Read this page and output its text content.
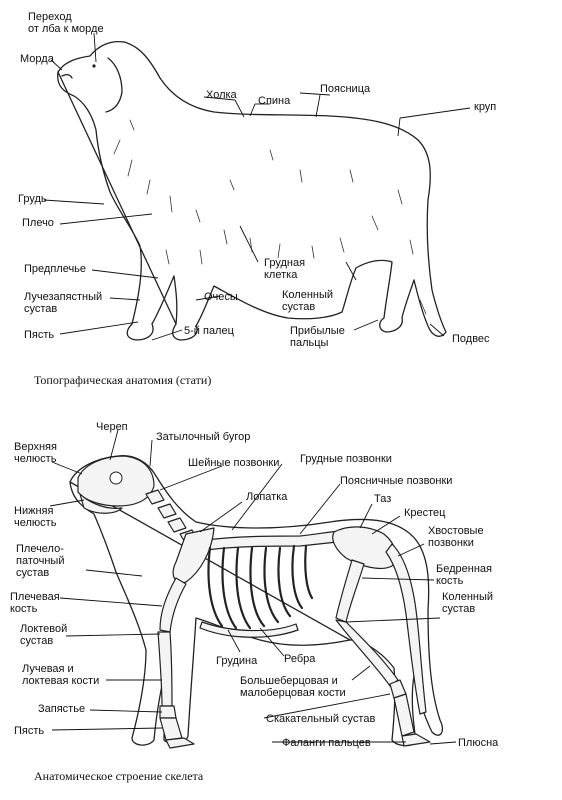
Переход от лба к морде
Морда
Холка Спина
Поясница
круп
Грудь
Плечо
Предплечье
Лучезапястный сустав
Пясть
Грудная клетка
Очесы
5-й палец
Коленный сустав
Прибылые пальцы	Подвес
Череп
Верхняя челюсть
Затылочный бугор
Шейные позвонки Грудные позвонки
Поясничные позвонки
Лопатка	Таз
Крестец
Нижняя челюсть
Хвостовые позвонки
Плечело-паточный сустав	Бедренная кость
Плечевая кость
Коленный сустав
Локтевой сустав
Лучевая и локтевая кости
Грудина Ребра
Большеберцовая и малоберцовая кости
Запястье
Скакательный сустав
Пясть
Фаланги пальцев	Плюсна
Топографическая анатомия (стати)
Анатомическое строение скелета
